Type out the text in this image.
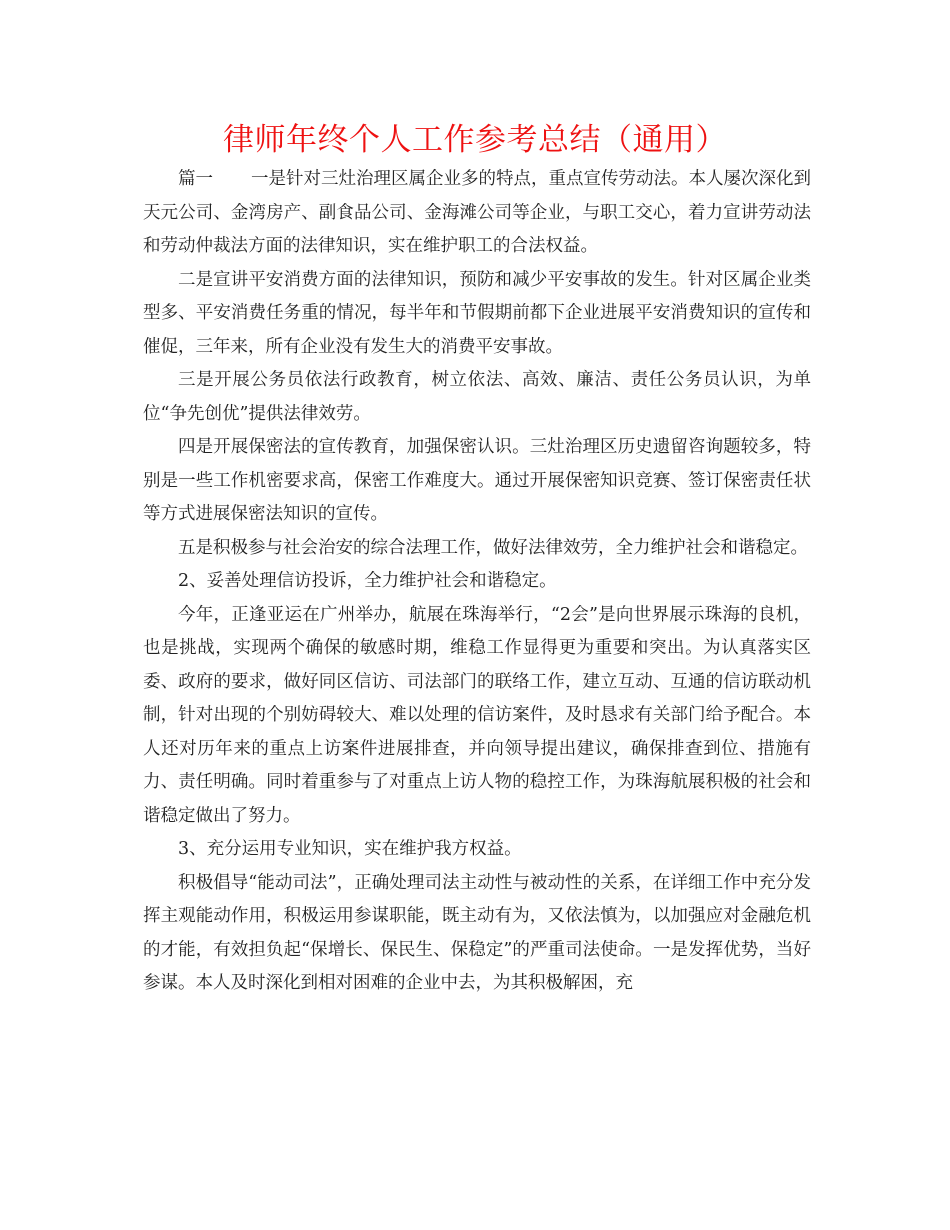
律师年终个人工作参考总结（通用）

篇一 一是针对三灶治理区属企业多的特点，重点宣传劳动法。本人屡次深化到天元公司、金湾房产、副食品公司、金海滩公司等企业，与职工交心，着力宣讲劳动法和劳动仲裁法方面的法律知识，实在维护职工的合法权益。

二是宣讲平安消费方面的法律知识，预防和减少平安事故的发生。针对区属企业类型多、平安消费任务重的情况，每半年和节假期前都下企业进展平安消费知识的宣传和催促，三年来，所有企业没有发生大的消费平安事故。

三是开展公务员依法行政教育，树立依法、高效、廉洁、责任公务员认识，为单位“争先创优”提供法律效劳。

四是开展保密法的宣传教育，加强保密认识。三灶治理区历史遗留咨询题较多，特别是一些工作机密要求高，保密工作难度大。通过开展保密知识竞赛、签订保密责任状等方式进展保密法知识的宣传。

五是积极参与社会治安的综合法理工作，做好法律效劳，全力维护社会和谐稳定。

2、妥善处理信访投诉，全力维护社会和谐稳定。

今年，正逢亚运在广州举办，航展在珠海举行，“2会”是向世界展示珠海的良机，也是挑战，实现两个确保的敏感时期，维稳工作显得更为重要和突出。为认真落实区委、政府的要求，做好同区信访、司法部门的联络工作，建立互动、互通的信访联动机制，针对出现的个别妨碍较大、难以处理的信访案件，及时恳求有关部门给予配合。本人还对历年来的重点上访案件进展排查，并向领导提出建议，确保排查到位、措施有力、责任明确。同时着重参与了对重点上访人物的稳控工作，为珠海航展积极的社会和谐稳定做出了努力。

3、充分运用专业知识，实在维护我方权益。

积极倡导“能动司法”，正确处理司法主动性与被动性的关系，在详细工作中充分发挥主观能动作用，积极运用参谋职能，既主动有为，又依法慎为，以加强应对金融危机的才能，有效担负起“保增长、保民生、保稳定”的严重司法使命。一是发挥优势，当好参谋。本人及时深化到相对困难的企业中去，为其积极解困，充
